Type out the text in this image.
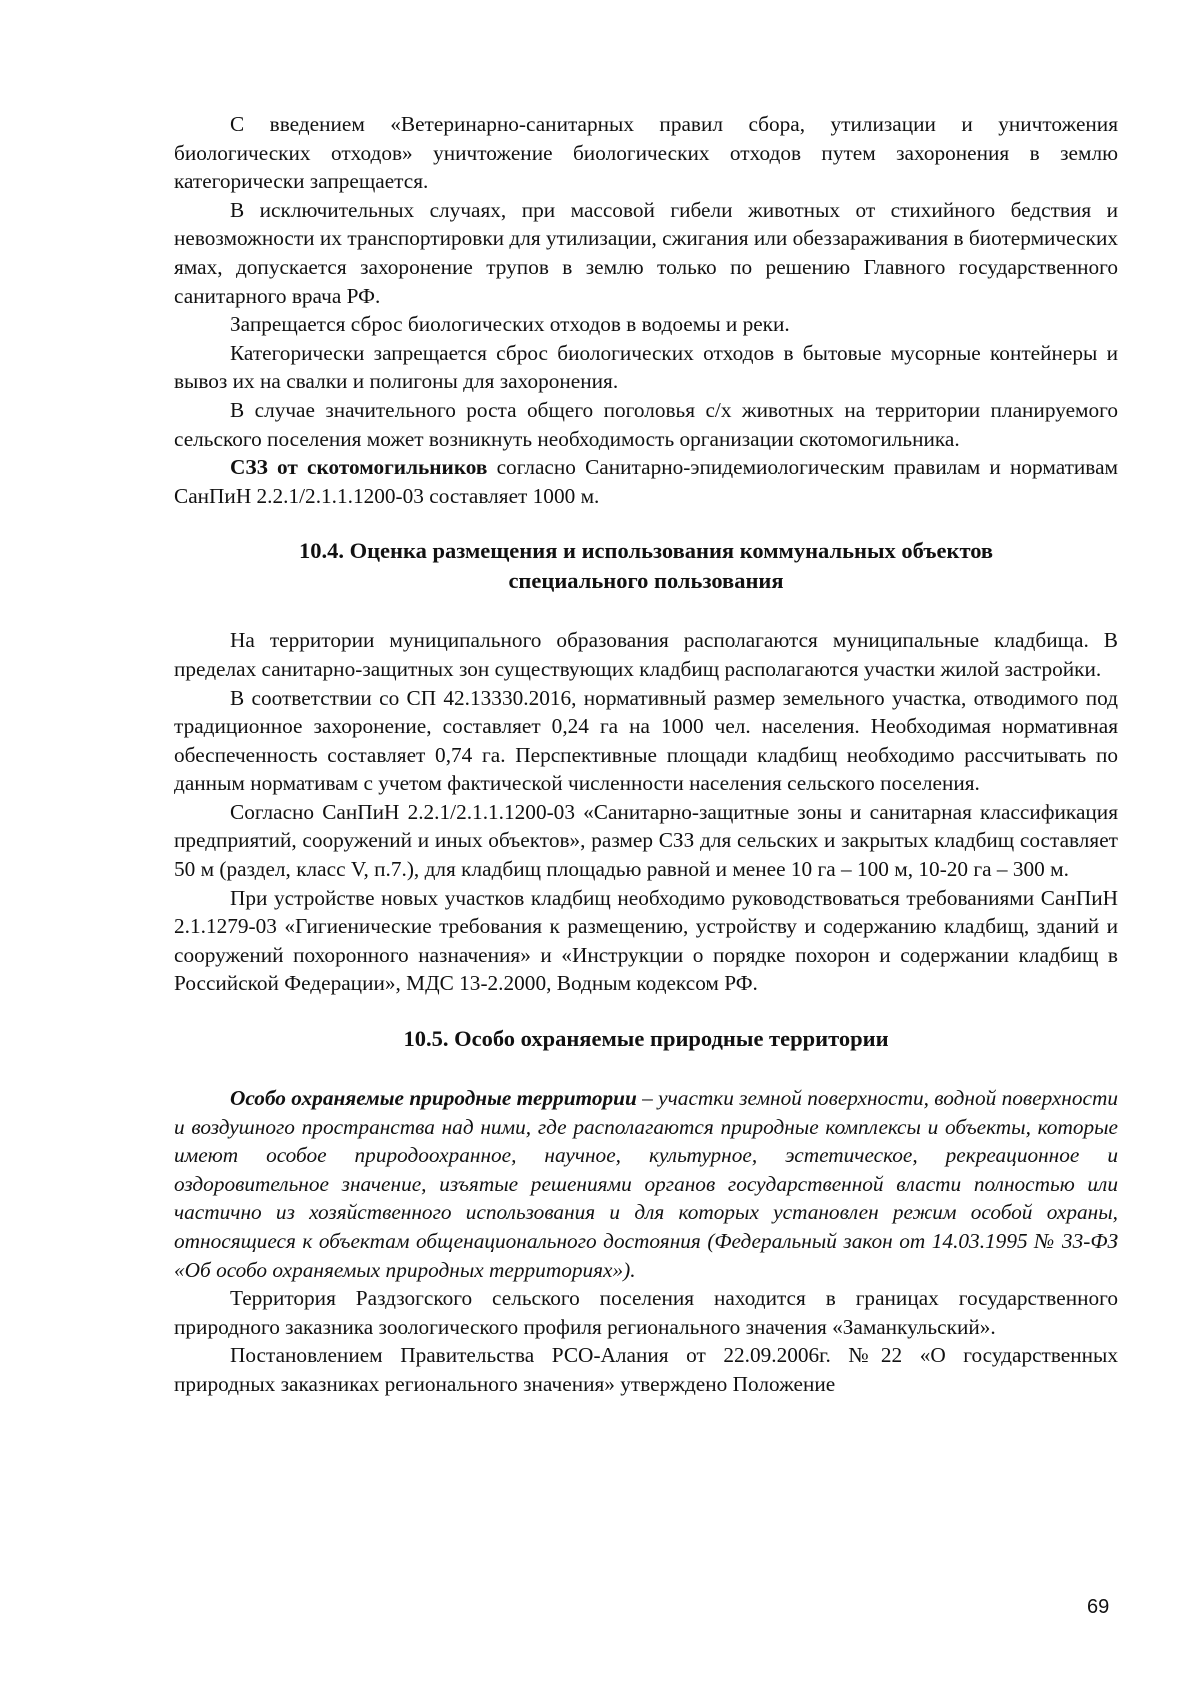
С введением «Ветеринарно-санитарных правил сбора, утилизации и уничтожения биологических отходов» уничтожение биологических отходов путем захоронения в землю категорически запрещается.

В исключительных случаях, при массовой гибели животных от стихийного бедствия и невозможности их транспортировки для утилизации, сжигания или обеззараживания в биотермических ямах, допускается захоронение трупов в землю только по решению Главного государственного санитарного врача РФ.

Запрещается сброс биологических отходов в водоемы и реки.

Категорически запрещается сброс биологических отходов в бытовые мусорные контейнеры и вывоз их на свалки и полигоны для захоронения.

В случае значительного роста общего поголовья с/х животных на территории планируемого сельского поселения может возникнуть необходимость организации скотомогильника.

СЗЗ от скотомогильников согласно Санитарно-эпидемиологическим правилам и нормативам СанПиН 2.2.1/2.1.1.1200-03 составляет 1000 м.

10.4. Оценка размещения и использования коммунальных объектов
специального пользования

На территории муниципального образования располагаются муниципальные кладбища. В пределах санитарно-защитных зон существующих кладбищ располагаются участки жилой застройки.

В соответствии со СП 42.13330.2016, нормативный размер земельного участка, отводимого под традиционное захоронение, составляет 0,24 га на 1000 чел. населения. Необходимая нормативная обеспеченность составляет 0,74 га. Перспективные площади кладбищ необходимо рассчитывать по данным нормативам с учетом фактической численности населения сельского поселения.

Согласно СанПиН 2.2.1/2.1.1.1200-03 «Санитарно-защитные зоны и санитарная классификация предприятий, сооружений и иных объектов», размер СЗЗ для сельских и закрытых кладбищ составляет 50 м (раздел, класс V, п.7.), для кладбищ площадью равной и менее 10 га – 100 м, 10-20 га – 300 м.

При устройстве новых участков кладбищ необходимо руководствоваться требованиями СанПиН 2.1.1279-03 «Гигиенические требования к размещению, устройству и содержанию кладбищ, зданий и сооружений похоронного назначения» и «Инструкции о порядке похорон и содержании кладбищ в Российской Федерации», МДС 13-2.2000, Водным кодексом РФ.

10.5. Особо охраняемые природные территории

Особо охраняемые природные территории – участки земной поверхности, водной поверхности и воздушного пространства над ними, где располагаются природные комплексы и объекты, которые имеют особое природоохранное, научное, культурное, эстетическое, рекреационное и оздоровительное значение, изъятые решениями органов государственной власти полностью или частично из хозяйственного использования и для которых установлен режим особой охраны, относящиеся к объектам общенационального достояния (Федеральный закон от 14.03.1995 № 33-ФЗ «Об особо охраняемых природных территориях»).

Территория Раздзогского сельского поселения находится в границах государственного природного заказника зоологического профиля регионального значения «Заманкульский».

Постановлением Правительства РСО-Алания от 22.09.2006г. №22 «О государственных природных заказниках регионального значения» утверждено Положение

69
